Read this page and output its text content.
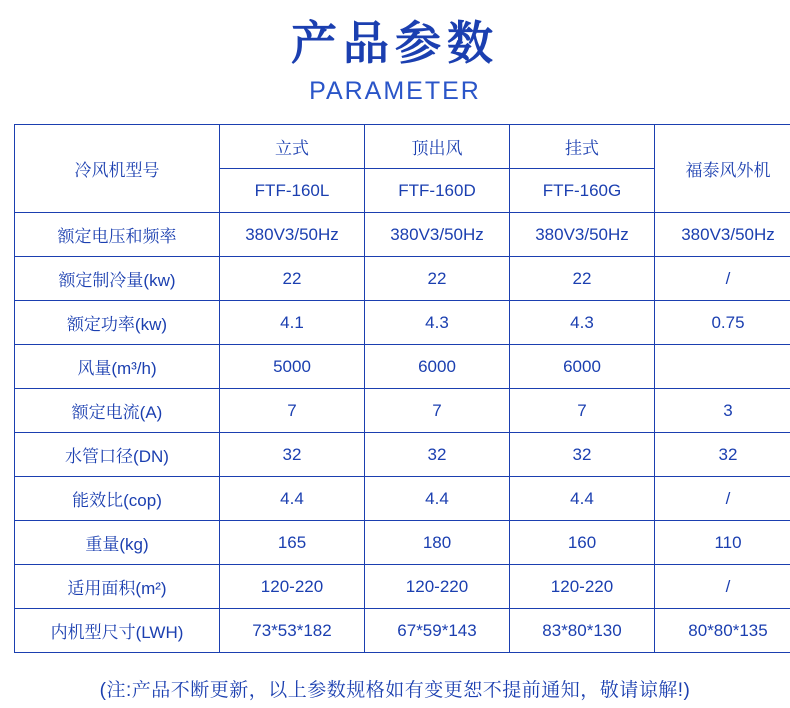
产品参数
PARAMETER
冷风机型号	立式	顶出风	挂式	福泰风外机
	FTF-160L	FTF-160D	FTF-160G	
额定电压和频率	380V3/50Hz	380V3/50Hz	380V3/50Hz	380V3/50Hz
额定制冷量(kw)	22	22	22	/
额定功率(kw)	4.1	4.3	4.3	0.75
风量(m³/h)	5000	6000	6000	
额定电流(A)	7	7	7	3
水管口径(DN)	32	32	32	32
能效比(cop)	4.4	4.4	4.4	/
重量(kg)	165	180	160	110
适用面积(m²)	120-220	120-220	120-220	/
内机型尺寸(LWH)	73*53*182	67*59*143	83*80*130	80*80*135
(注:产品不断更新，以上参数规格如有变更恕不提前通知，敬请谅解!)
